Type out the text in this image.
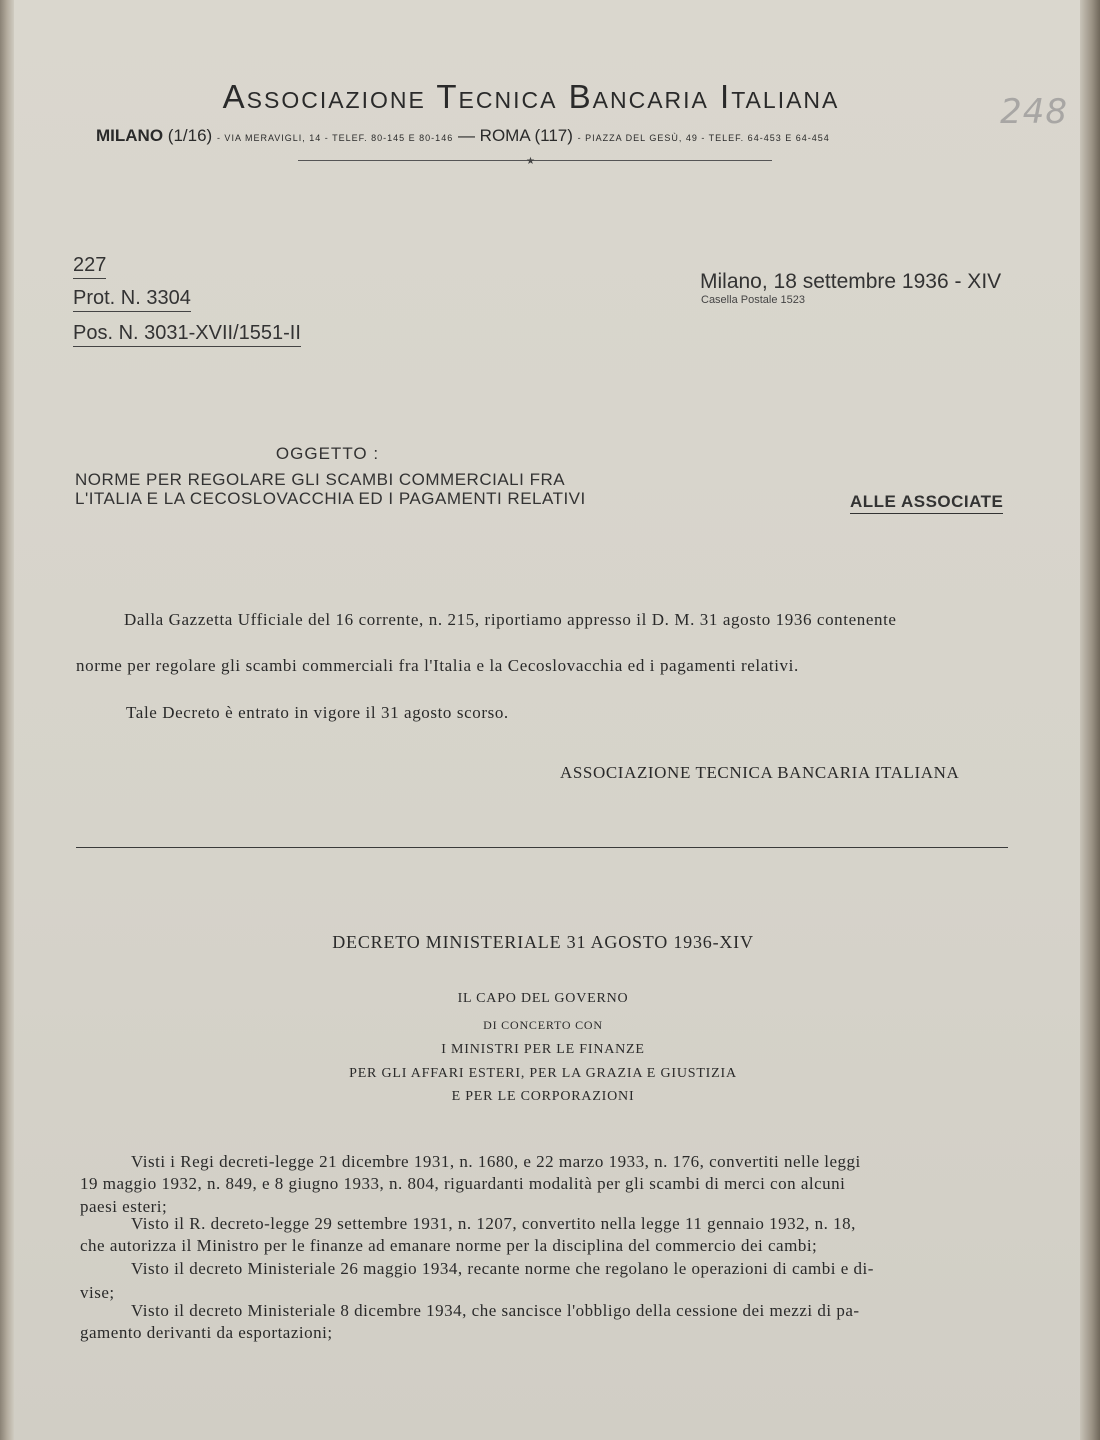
Associazione Tecnica Bancaria Italiana
MILANO (1/16) - VIA MERAVIGLI, 14 - TELEF. 80-145 E 80-146 — ROMA (117) - PIAZZA DEL GESÙ, 49 - TELEF. 64-453 E 64-454
★
248
227
Prot. N. 3304
Pos. N. 3031-XVII/1551-II
Milano, 18 settembre 1936 - XIV
Casella Postale 1523
OGGETTO :
NORME PER REGOLARE GLI SCAMBI COMMERCIALI FRA
L'ITALIA E LA CECOSLOVACCHIA ED I PAGAMENTI RELATIVI	ALLE ASSOCIATE
Dalla Gazzetta Ufficiale del 16 corrente, n. 215, riportiamo appresso il D. M. 31 agosto 1936 contenente
norme per regolare gli scambi commerciali fra l'Italia e la Cecoslovacchia ed i pagamenti relativi.
Tale Decreto è entrato in vigore il 31 agosto scorso.
ASSOCIAZIONE TECNICA BANCARIA ITALIANA
DECRETO MINISTERIALE 31 AGOSTO 1936-XIV
IL CAPO DEL GOVERNO
DI CONCERTO CON
I MINISTRI PER LE FINANZE
PER GLI AFFARI ESTERI, PER LA GRAZIA E GIUSTIZIA
E PER LE CORPORAZIONI
Visti i Regi decreti-legge 21 dicembre 1931, n. 1680, e 22 marzo 1933, n. 176, convertiti nelle leggi
19 maggio 1932, n. 849, e 8 giugno 1933, n. 804, riguardanti modalità per gli scambi di merci con alcuni
paesi esteri;
Visto il R. decreto-legge 29 settembre 1931, n. 1207, convertito nella legge 11 gennaio 1932, n. 18,
che autorizza il Ministro per le finanze ad emanare norme per la disciplina del commercio dei cambi;
Visto il decreto Ministeriale 26 maggio 1934, recante norme che regolano le operazioni di cambi e di-
vise;
Visto il decreto Ministeriale 8 dicembre 1934, che sancisce l'obbligo della cessione dei mezzi di pa-
gamento derivanti da esportazioni;
